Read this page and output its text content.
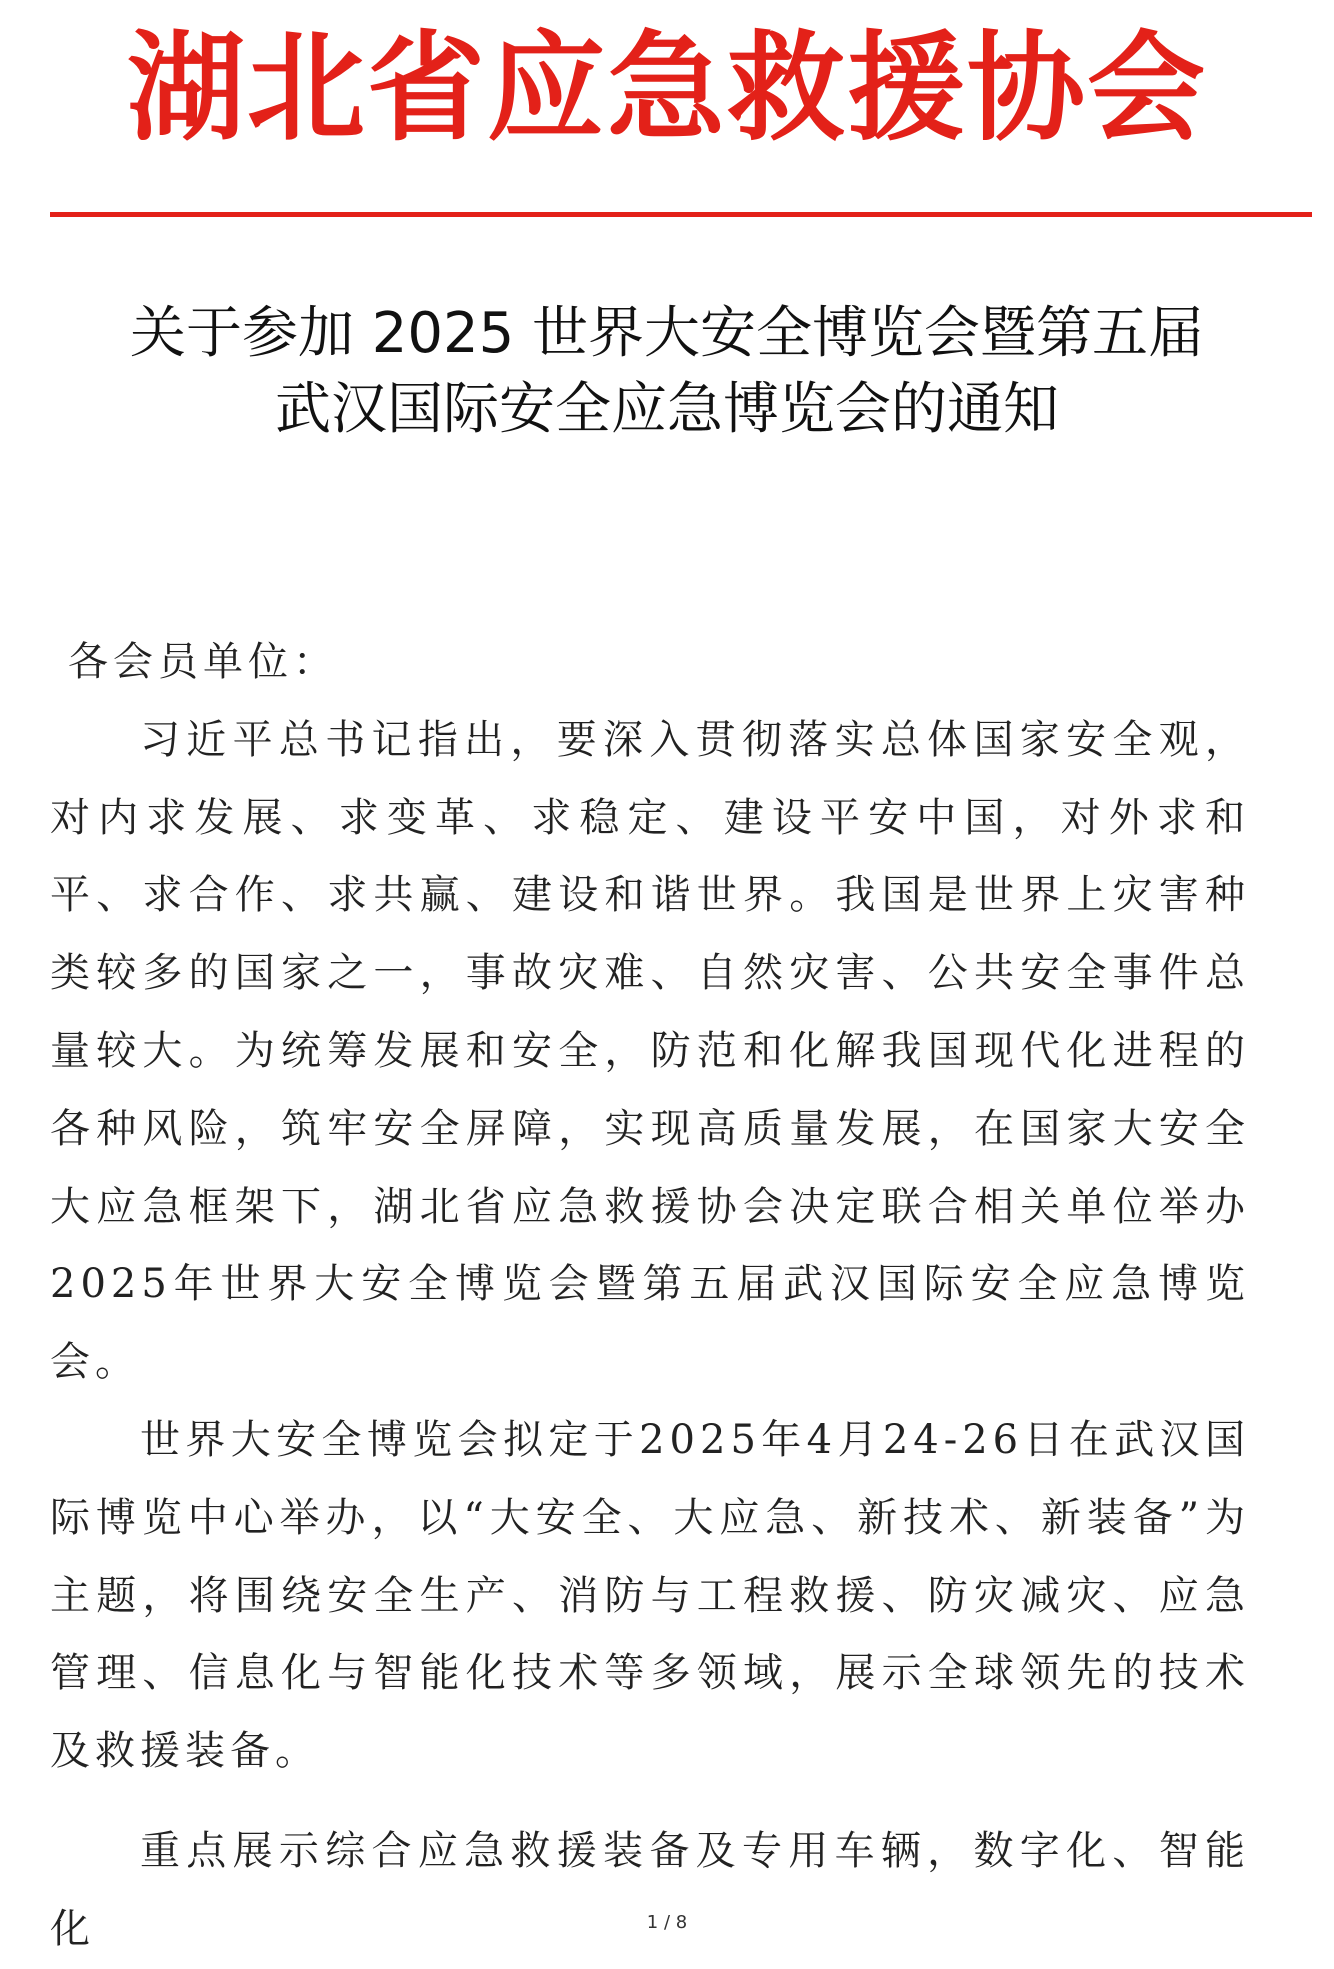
湖北省应急救援协会
关于参加 2025 世界大安全博览会暨第五届
武汉国际安全应急博览会的通知

各会员单位：

习近平总书记指出，要深入贯彻落实总体国家安全观，对内求发展、求变革、求稳定、建设平安中国，对外求和平、求合作、求共赢、建设和谐世界。我国是世界上灾害种类较多的国家之一，事故灾难、自然灾害、公共安全事件总量较大。为统筹发展和安全，防范和化解我国现代化进程的各种风险，筑牢安全屏障，实现高质量发展，在国家大安全大应急框架下，湖北省应急救援协会决定联合相关单位举办2025年世界大安全博览会暨第五届武汉国际安全应急博览会。

世界大安全博览会拟定于2025年4月24-26日在武汉国际博览中心举办，以“大安全、大应急、新技术、新装备”为主题，将围绕安全生产、消防与工程救援、防灾减灾、应急管理、信息化与智能化技术等多领域，展示全球领先的技术及救援装备。

重点展示综合应急救援装备及专用车辆，数字化、智能化	1 / 8
